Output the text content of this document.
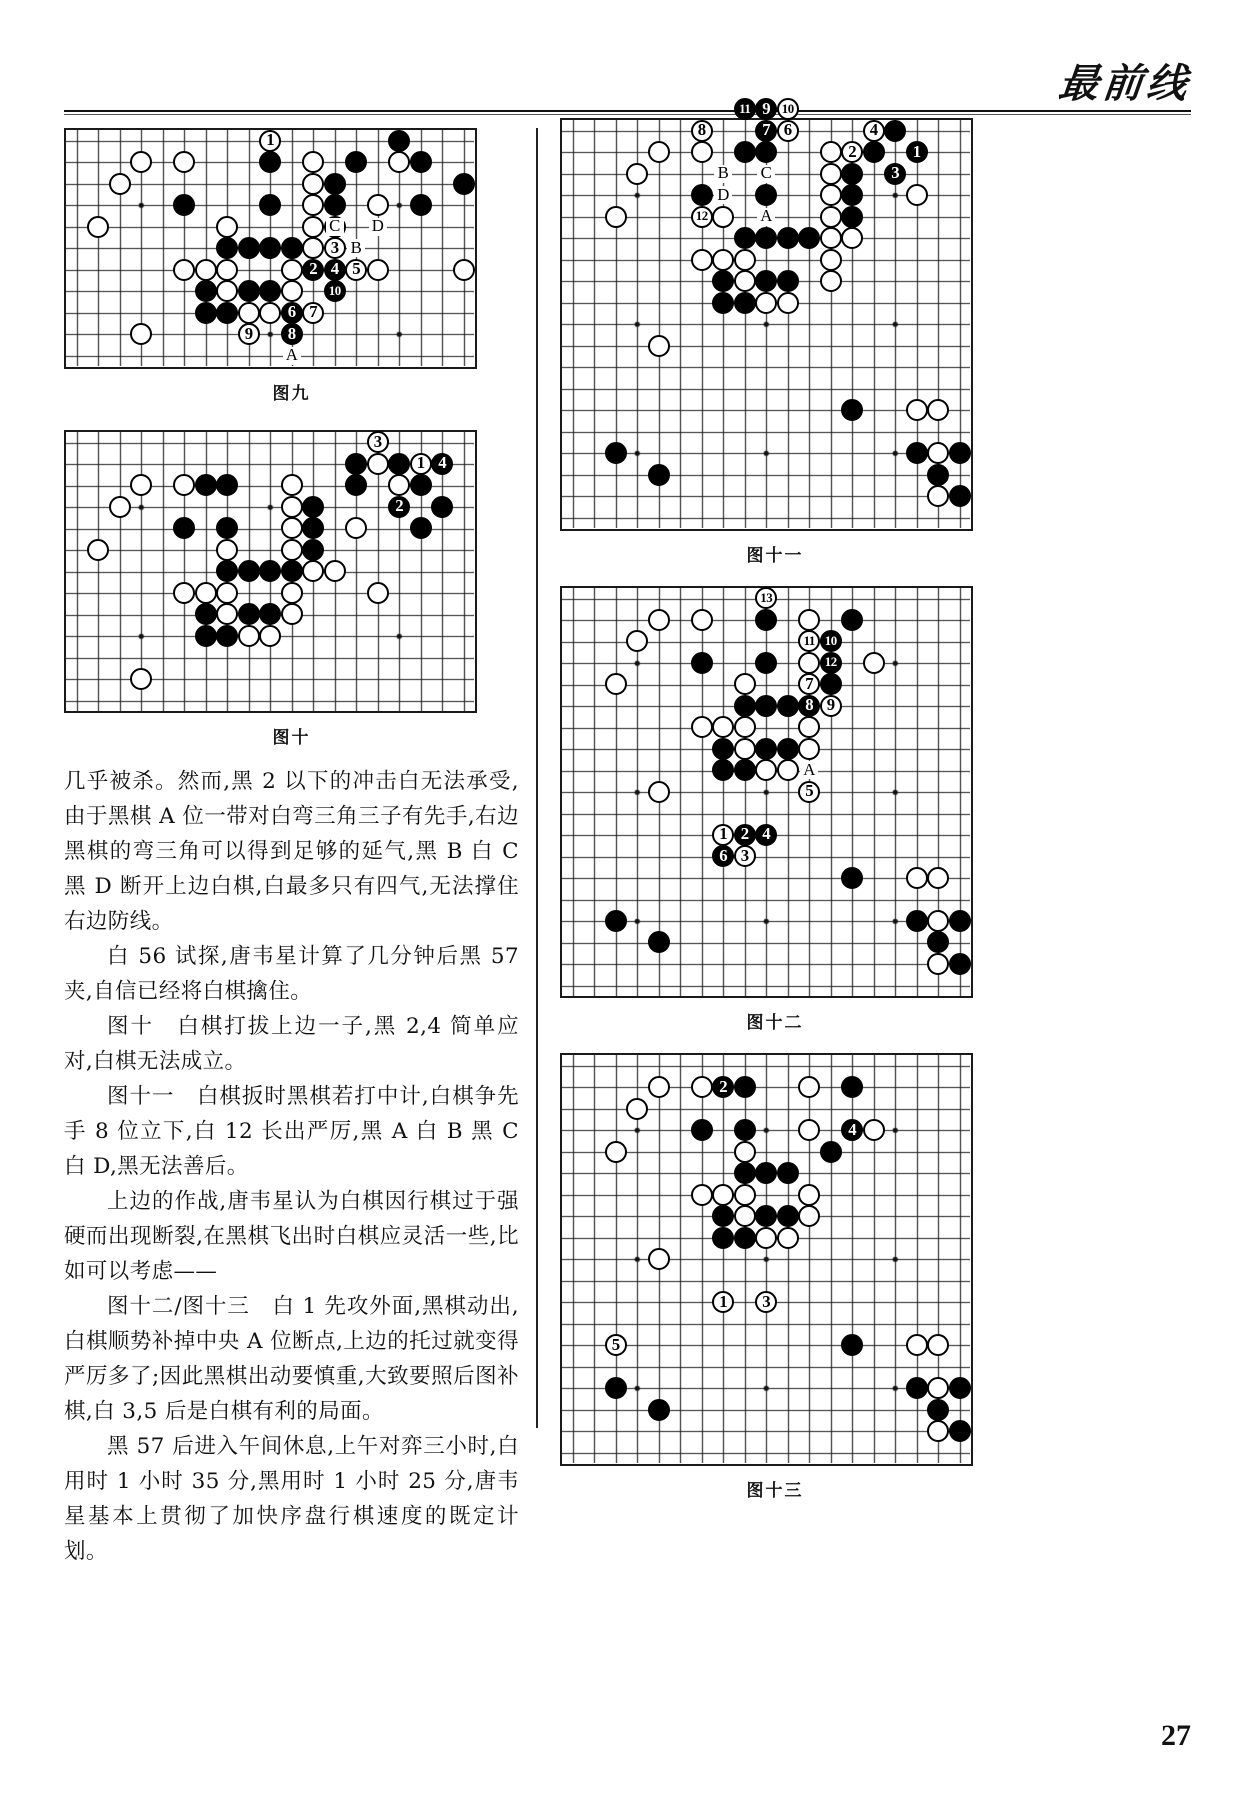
最前线
1
3
2 4 5
10
6 7
9 8
C D
B
A
图九
3
1 4
2
图十

几乎被杀。然而,黑 2 以下的冲击白无法承受,由于黑棋 A 位一带对白弯三角三子有先手,右边黑棋的弯三角可以得到足够的延气,黑 B 白 C 黑 D 断开上边白棋,白最多只有四气,无法撑住右边防线。

白 56 试探,唐韦星计算了几分钟后黑 57 夹,自信已经将白棋擒住。

图十　白棋打拔上边一子,黑 2,4 简单应对,白棋无法成立。

图十一　白棋扳时黑棋若打中计,白棋争先手 8 位立下,白 12 长出严厉,黑 A 白 B 黑 C 白 D,黑无法善后。

上边的作战,唐韦星认为白棋因行棋过于强硬而出现断裂,在黑棋飞出时白棋应灵活一些,比如可以考虑——

图十二/图十三　白 1 先攻外面,黑棋动出,白棋顺势补掉中央 A 位断点,上边的托过就变得严厉多了;因此黑棋出动要慎重,大致要照后图补棋,白 3,5 后是白棋有利的局面。

黑 57 后进入午间休息,上午对弈三小时,白用时 1 小时 35 分,黑用时 1 小时 25 分,唐韦星基本上贯彻了加快序盘行棋速度的既定计划。

11 9 10
8	7 6	4
2	1
3
12
B C
D
A
图十一
13
11 10
12
7
8 9
5
1 2 4
6 3
A
图十二
2
4
1 3
5
图十三
27
